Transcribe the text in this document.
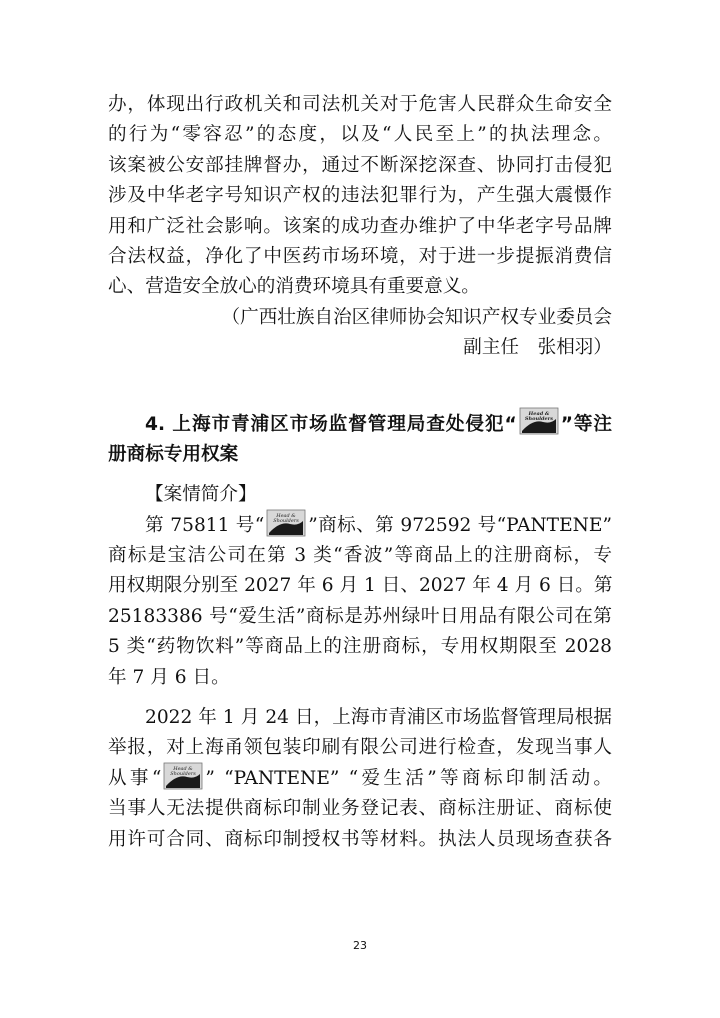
办，体现出行政机关和司法机关对于危害人民群众生命安全
的行为“零容忍”的态度，以及“人民至上”的执法理念。
该案被公安部挂牌督办，通过不断深挖深查、协同打击侵犯
涉及中华老字号知识产权的违法犯罪行为，产生强大震慑作
用和广泛社会影响。该案的成功查办维护了中华老字号品牌
合法权益，净化了中医药市场环境，对于进一步提振消费信
心、营造安全放心的消费环境具有重要意义。
（广西壮族自治区律师协会知识产权专业委员会
副主任　张相羽）
4. 上海市青浦区市场监督管理局查处侵犯“ Head &
Shoulders ”等注
册商标专用权案
【案情简介】
第 75811 号“ Head &
Shoulders ”商标、第 972592 号“PANTENE”
商标是宝洁公司在第 3 类“香波”等商品上的注册商标，专
用权期限分别至 2027 年 6 月 1 日、2027 年 4 月 6 日。第
25183386 号“爱生活”商标是苏州绿叶日用品有限公司在第
5 类“药物饮料”等商品上的注册商标，专用权期限至 2028
年 7 月 6 日。
2022 年 1 月 24 日，上海市青浦区市场监督管理局根据
举报，对上海甬领包装印刷有限公司进行检查，发现当事人
从事“ Head &
Shoulders ” “PANTENE” “爱生活”等商标印制活动。
当事人无法提供商标印制业务登记表、商标注册证、商标使
用许可合同、商标印制授权书等材料。执法人员现场查获各
23
